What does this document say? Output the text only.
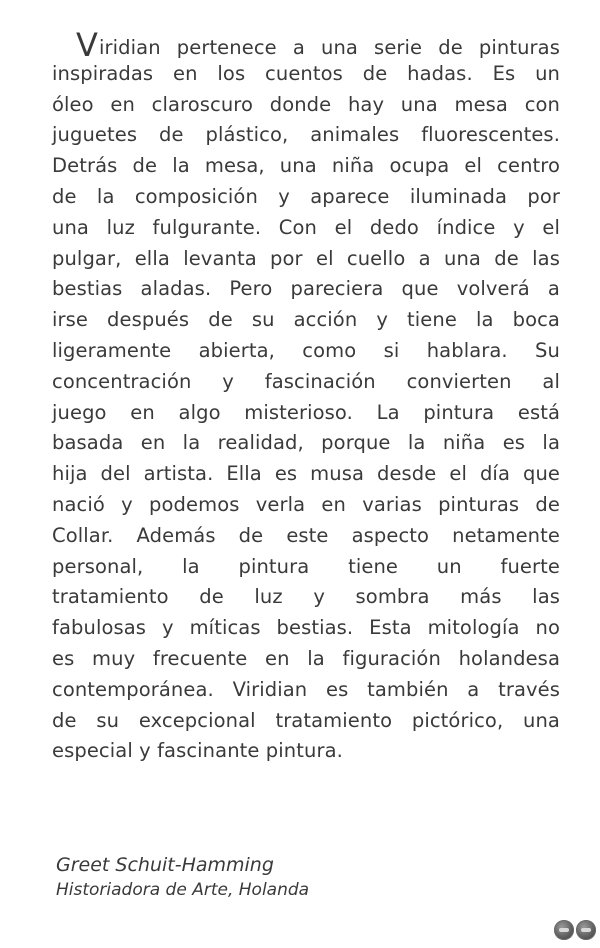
Viridian pertenece a una serie de pinturas
inspiradas en los cuentos de hadas. Es un
óleo en claroscuro donde hay una mesa con
juguetes de plástico, animales fluorescentes.
Detrás de la mesa, una niña ocupa el centro
de la composición y aparece iluminada por
una luz fulgurante. Con el dedo índice y el
pulgar, ella levanta por el cuello a una de las
bestias aladas. Pero pareciera que volverá a
irse después de su acción y tiene la boca
ligeramente abierta, como si hablara. Su
concentración y fascinación convierten al
juego en algo misterioso. La pintura está
basada en la realidad, porque la niña es la
hija del artista. Ella es musa desde el día que
nació y podemos verla en varias pinturas de
Collar. Además de este aspecto netamente
personal, la pintura tiene un fuerte
tratamiento de luz y sombra más las
fabulosas y míticas bestias. Esta mitología no
es muy frecuente en la figuración holandesa
contemporánea. Viridian es también a través
de su excepcional tratamiento pictórico, una
especial y fascinante pintura.
Greet Schuit-Hamming
Historiadora de Arte, Holanda
